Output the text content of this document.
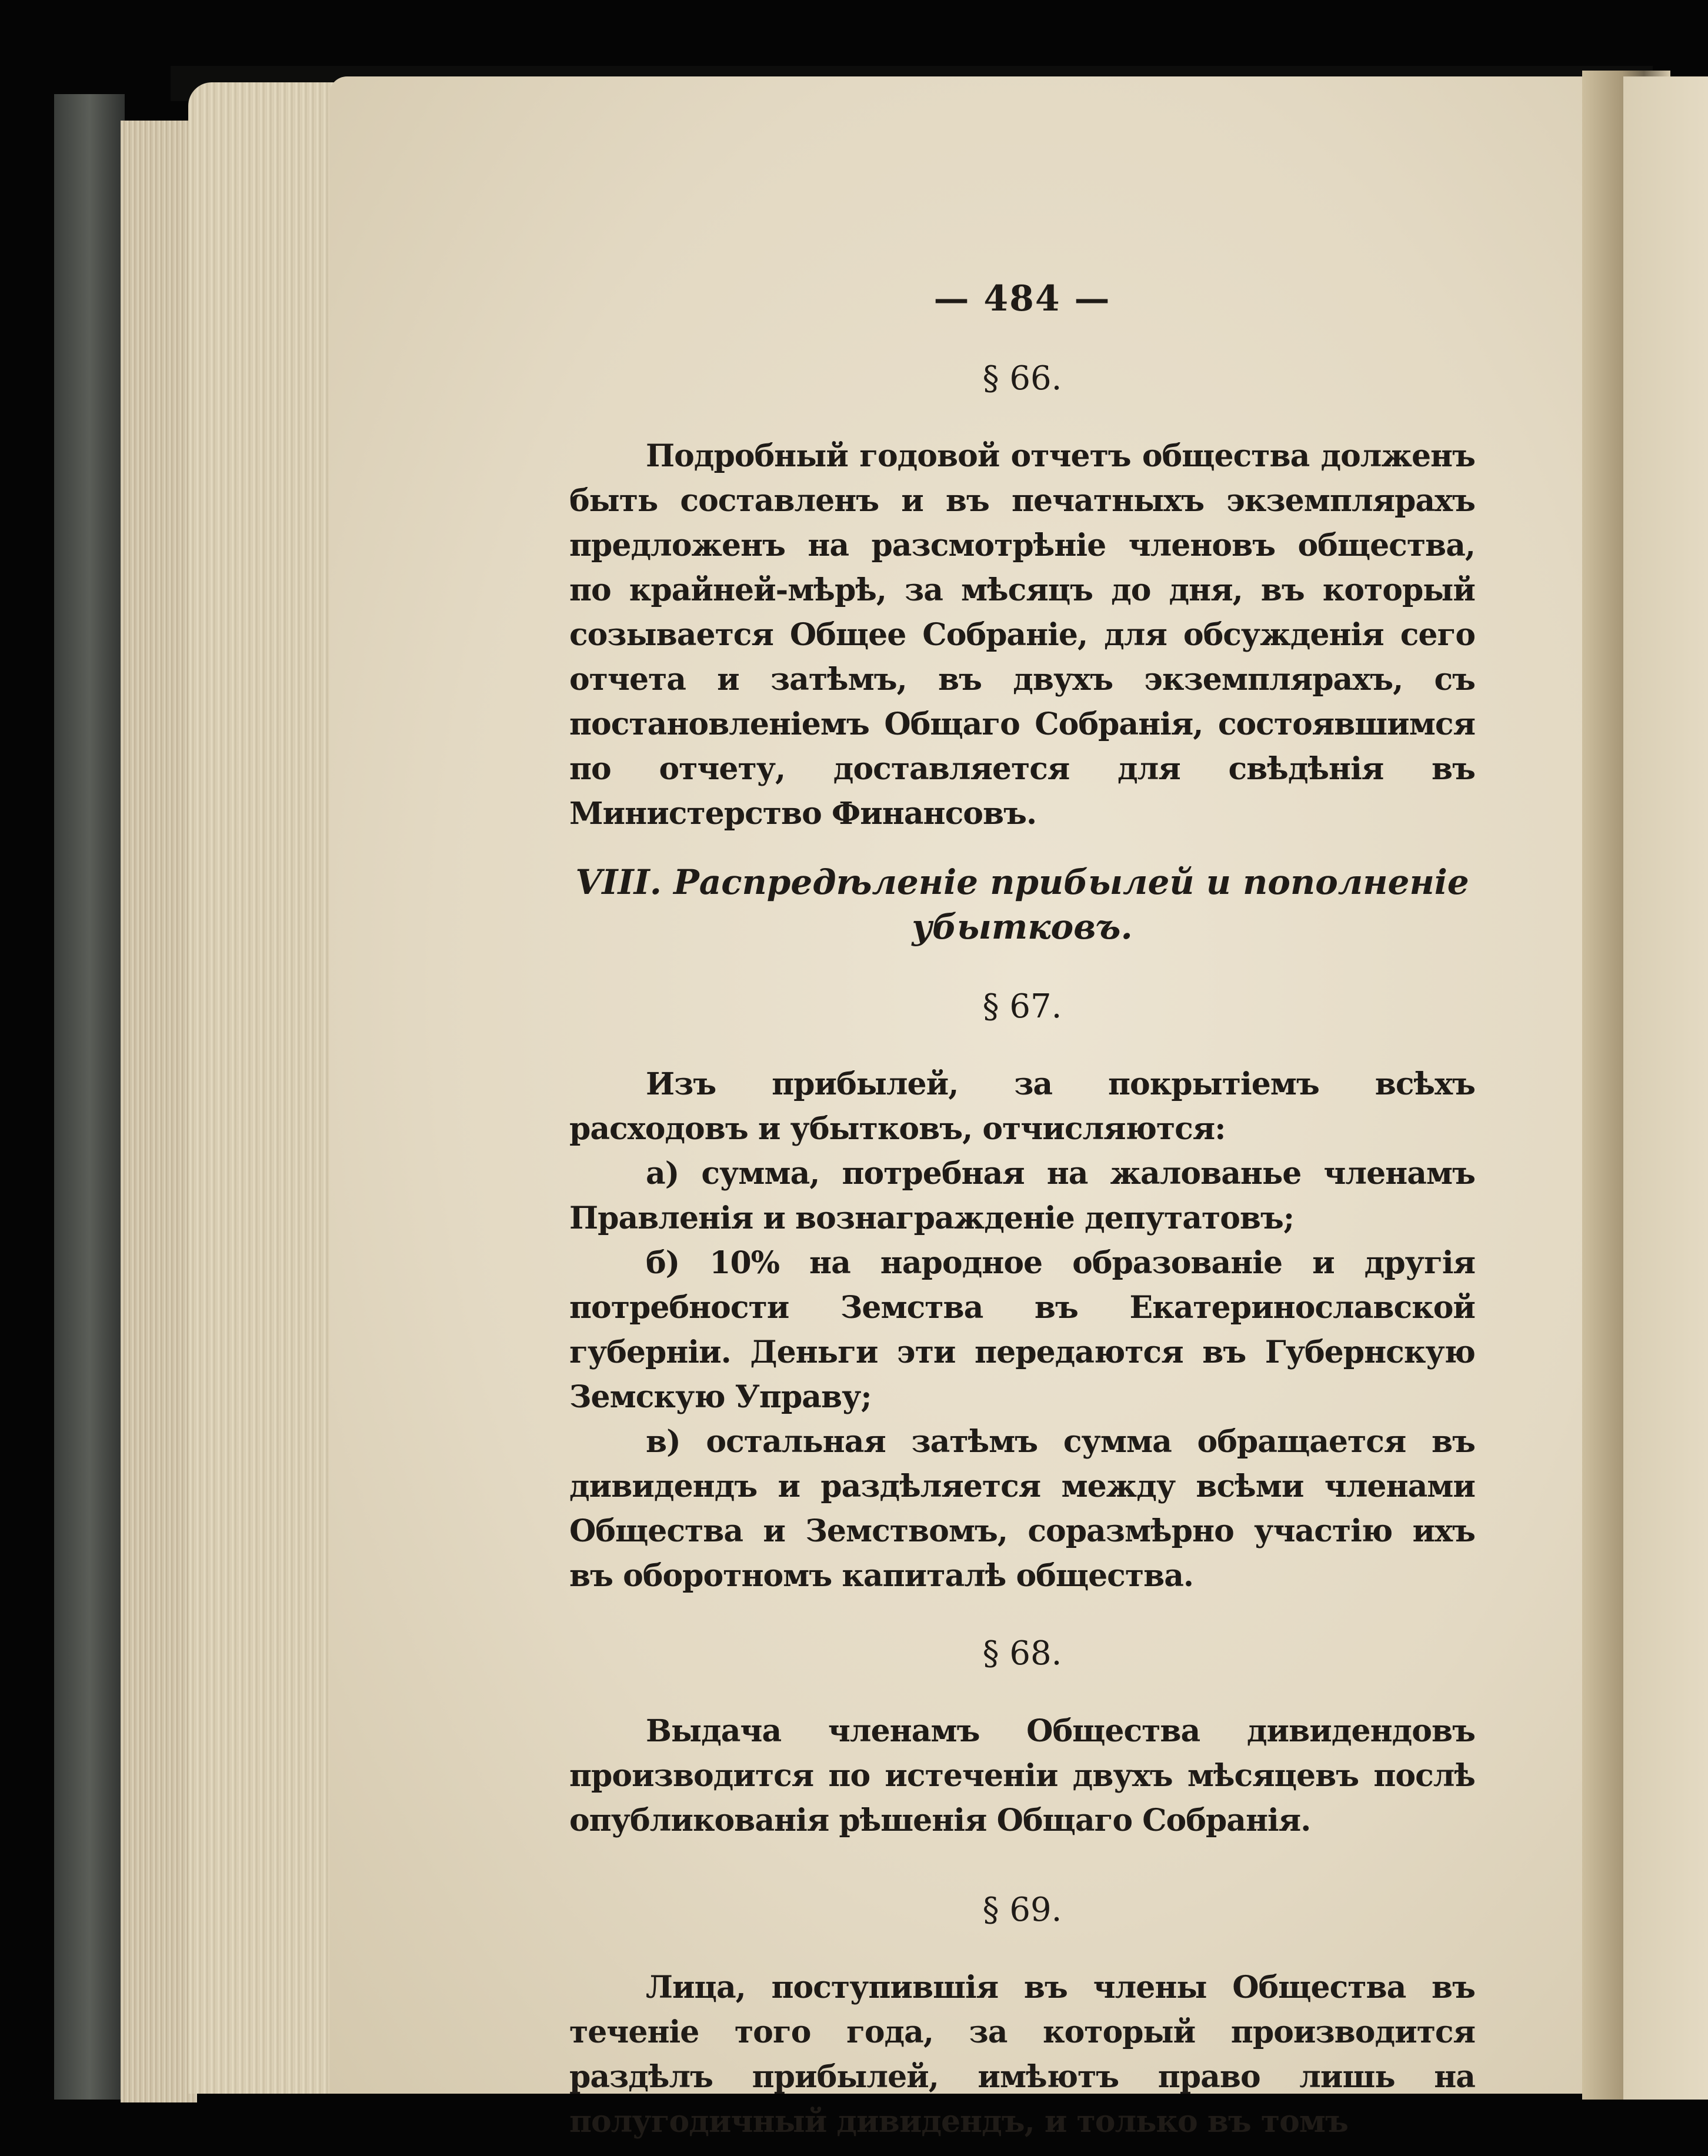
— 484 —
§ 66.

Подробный годовой отчетъ общества долженъ быть составленъ и въ печатныхъ экземплярахъ предложенъ на разсмотрѣніе членовъ общества, по крайней-мѣрѣ, за мѣсяцъ до дня, въ который созывается Общее Собраніе, для обсужденія сего отчета и затѣмъ, въ двухъ экземплярахъ, съ постановленіемъ Общаго Собранія, состоявшимся по отчету, доставляется для свѣдѣнія въ Министерство Финансовъ.

VIII. Распредѣленіе прибылей и пополненіе убытковъ.
§ 67.

Изъ прибылей, за покрытіемъ всѣхъ расходовъ и убытковъ, отчисляются:

а) сумма, потребная на жалованье членамъ Правленія и вознагражденіе депутатовъ;

б) 10% на народное образованіе и другія потребности Земства въ Екатеринославской губерніи. Деньги эти передаются въ Губернскую Земскую Управу;

в) остальная затѣмъ сумма обращается въ дивидендъ и раздѣляется между всѣми членами Общества и Земствомъ, соразмѣрно участію ихъ въ оборотномъ капиталѣ общества.

§ 68.

Выдача членамъ Общества дивидендовъ производится по истеченіи двухъ мѣсяцевъ послѣ опубликованія рѣшенія Общаго Собранія.

§ 69.

Лица, поступившія въ члены Общества въ теченіе того года, за который производится раздѣлъ прибылей, имѣютъ право лишь на полугодичный дивидендъ, и только въ томъ
